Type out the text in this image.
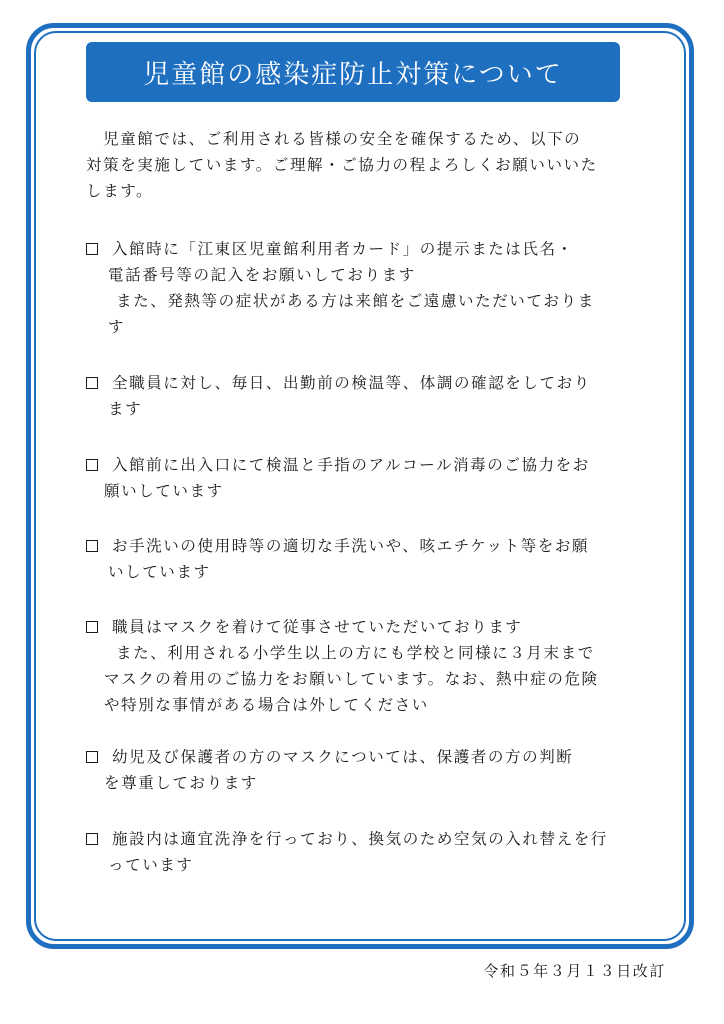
児童館の感染症防止対策について

　児童館では、ご利用される皆様の安全を確保するため、以下の

対策を実施しています。ご理解・ご協力の程よろしくお願いいいた

します。

入館時に「江東区児童館利用者カード」の提示または氏名・

電話番号等の記入をお願いしております

また、発熱等の症状がある方は来館をご遠慮いただいておりま

す

全職員に対し、毎日、出勤前の検温等、体調の確認をしており

ます

入館前に出入口にて検温と手指のアルコール消毒のご協力をお

願いしています

お手洗いの使用時等の適切な手洗いや、咳エチケット等をお願

いしています

職員はマスクを着けて従事させていただいております

また、利用される小学生以上の方にも学校と同様に３月末まで

マスクの着用のご協力をお願いしています。なお、熱中症の危険

や特別な事情がある場合は外してください

幼児及び保護者の方のマスクについては、保護者の方の判断

を尊重しております

施設内は適宜洗浄を行っており、換気のため空気の入れ替えを行

っています

令和５年３月１３日改訂
